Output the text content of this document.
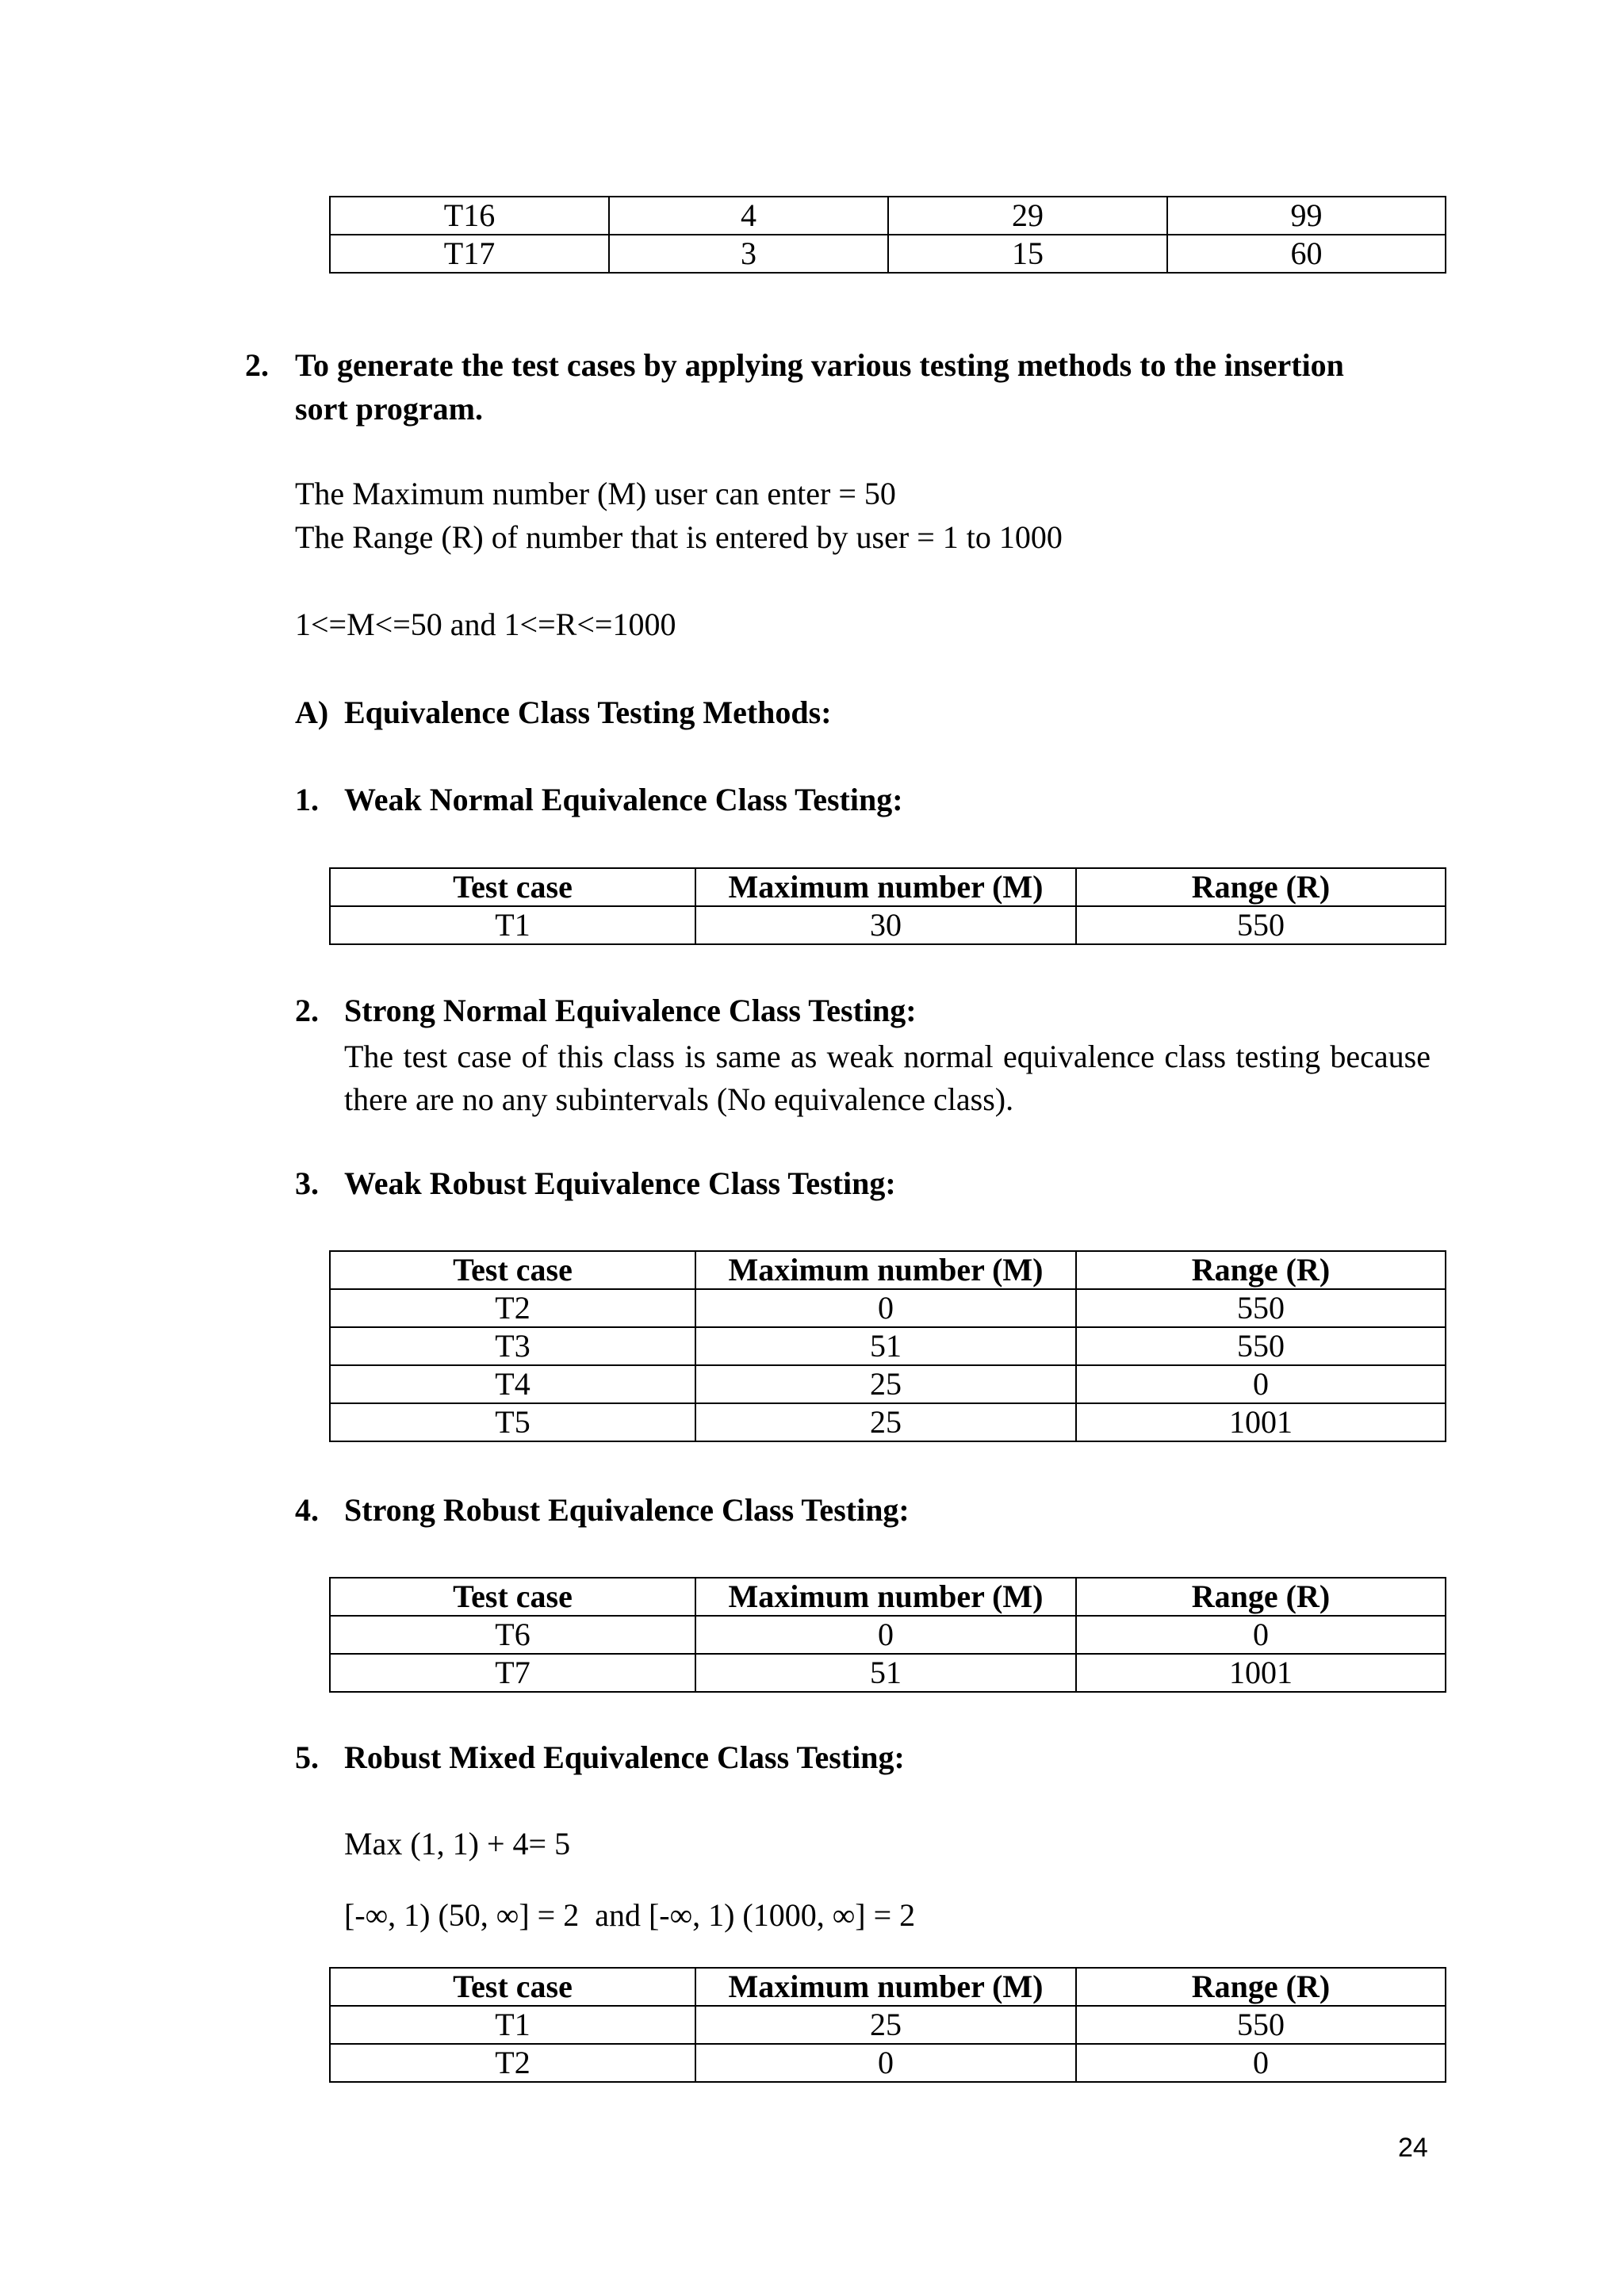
T16	4	29	99
T17	3	15	60
2. To generate the test cases by applying various testing methods to the insertion
sort program.
The Maximum number (M) user can enter = 50
The Range (R) of number that is entered by user = 1 to 1000
1<=M<=50 and 1<=R<=1000
A) Equivalence Class Testing Methods:
1. Weak Normal Equivalence Class Testing:
Test case	Maximum number (M)	Range (R)
T1	30	550
2. Strong Normal Equivalence Class Testing:
The test case of this class is same as weak normal equivalence class testing because there are no any subintervals (No equivalence class).
3. Weak Robust Equivalence Class Testing:
Test case	Maximum number (M)	Range (R)
T2	0	550
T3	51	550
T4	25	0
T5	25	1001
4. Strong Robust Equivalence Class Testing:
Test case	Maximum number (M)	Range (R)
T6	0	0
T7	51	1001
5. Robust Mixed Equivalence Class Testing:
Max (1, 1) + 4= 5
[-∞, 1) (50, ∞] = 2  and [-∞, 1) (1000, ∞] = 2
Test case	Maximum number (M)	Range (R)
T1	25	550
T2	0	0
24
